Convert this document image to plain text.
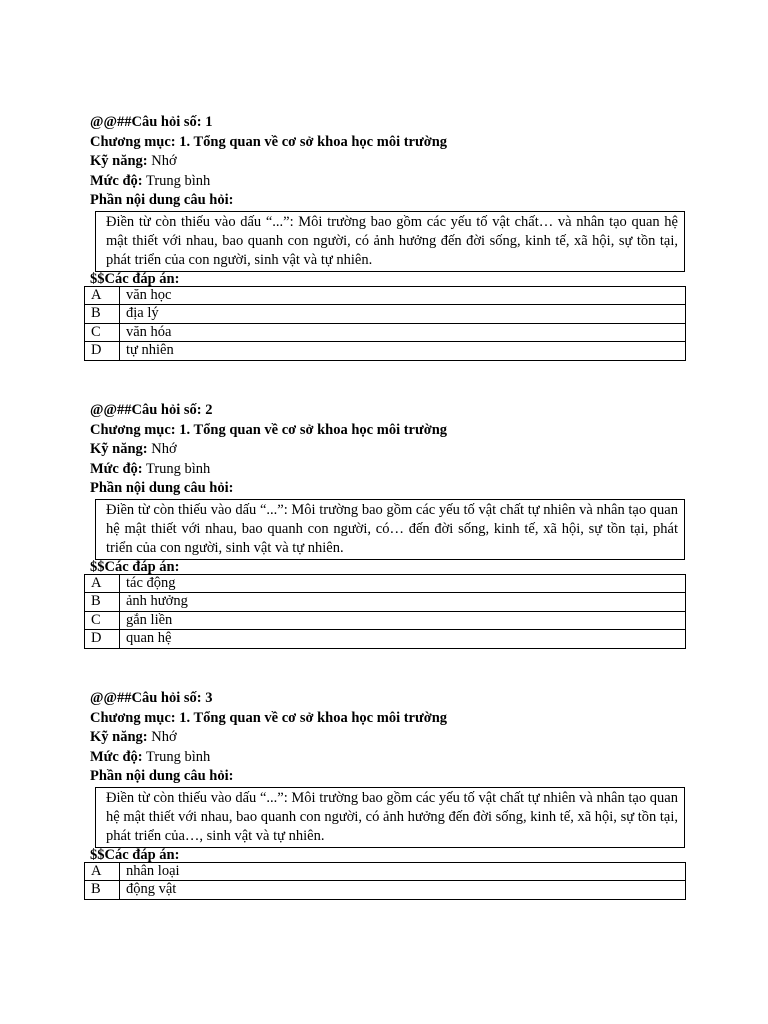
@@##Câu hỏi số: 1
Chương mục: 1. Tổng quan về cơ sở khoa học môi trường
Kỹ năng: Nhớ
Mức độ: Trung bình
Phần nội dung câu hỏi:
Điền từ còn thiếu vào dấu “...”: Môi trường bao gồm các yếu tố vật chất… và nhân tạo quan hệ mật thiết với nhau, bao quanh con người, có ảnh hưởng đến đời sống, kinh tế, xã hội, sự tồn tại, phát triển của con người, sinh vật và tự nhiên.
$$Các đáp án:
A	văn học
B	địa lý
C	văn hóa
D	tự nhiên
@@##Câu hỏi số: 2
Chương mục: 1. Tổng quan về cơ sở khoa học môi trường
Kỹ năng: Nhớ
Mức độ: Trung bình
Phần nội dung câu hỏi:
Điền từ còn thiếu vào dấu “...”: Môi trường bao gồm các yếu tố vật chất tự nhiên và nhân tạo quan hệ mật thiết với nhau, bao quanh con người, có… đến đời sống, kinh tế, xã hội, sự tồn tại, phát triển của con người, sinh vật và tự nhiên.
$$Các đáp án:
A	tác động
B	ảnh hưởng
C	gắn liền
D	quan hệ
@@##Câu hỏi số: 3
Chương mục: 1. Tổng quan về cơ sở khoa học môi trường
Kỹ năng: Nhớ
Mức độ: Trung bình
Phần nội dung câu hỏi:
Điền từ còn thiếu vào dấu “...”: Môi trường bao gồm các yếu tố vật chất tự nhiên và nhân tạo quan hệ mật thiết với nhau, bao quanh con người, có ảnh hưởng đến đời sống, kinh tế, xã hội, sự tồn tại, phát triển của…, sinh vật và tự nhiên.
$$Các đáp án:
A	nhân loại
B	động vật
